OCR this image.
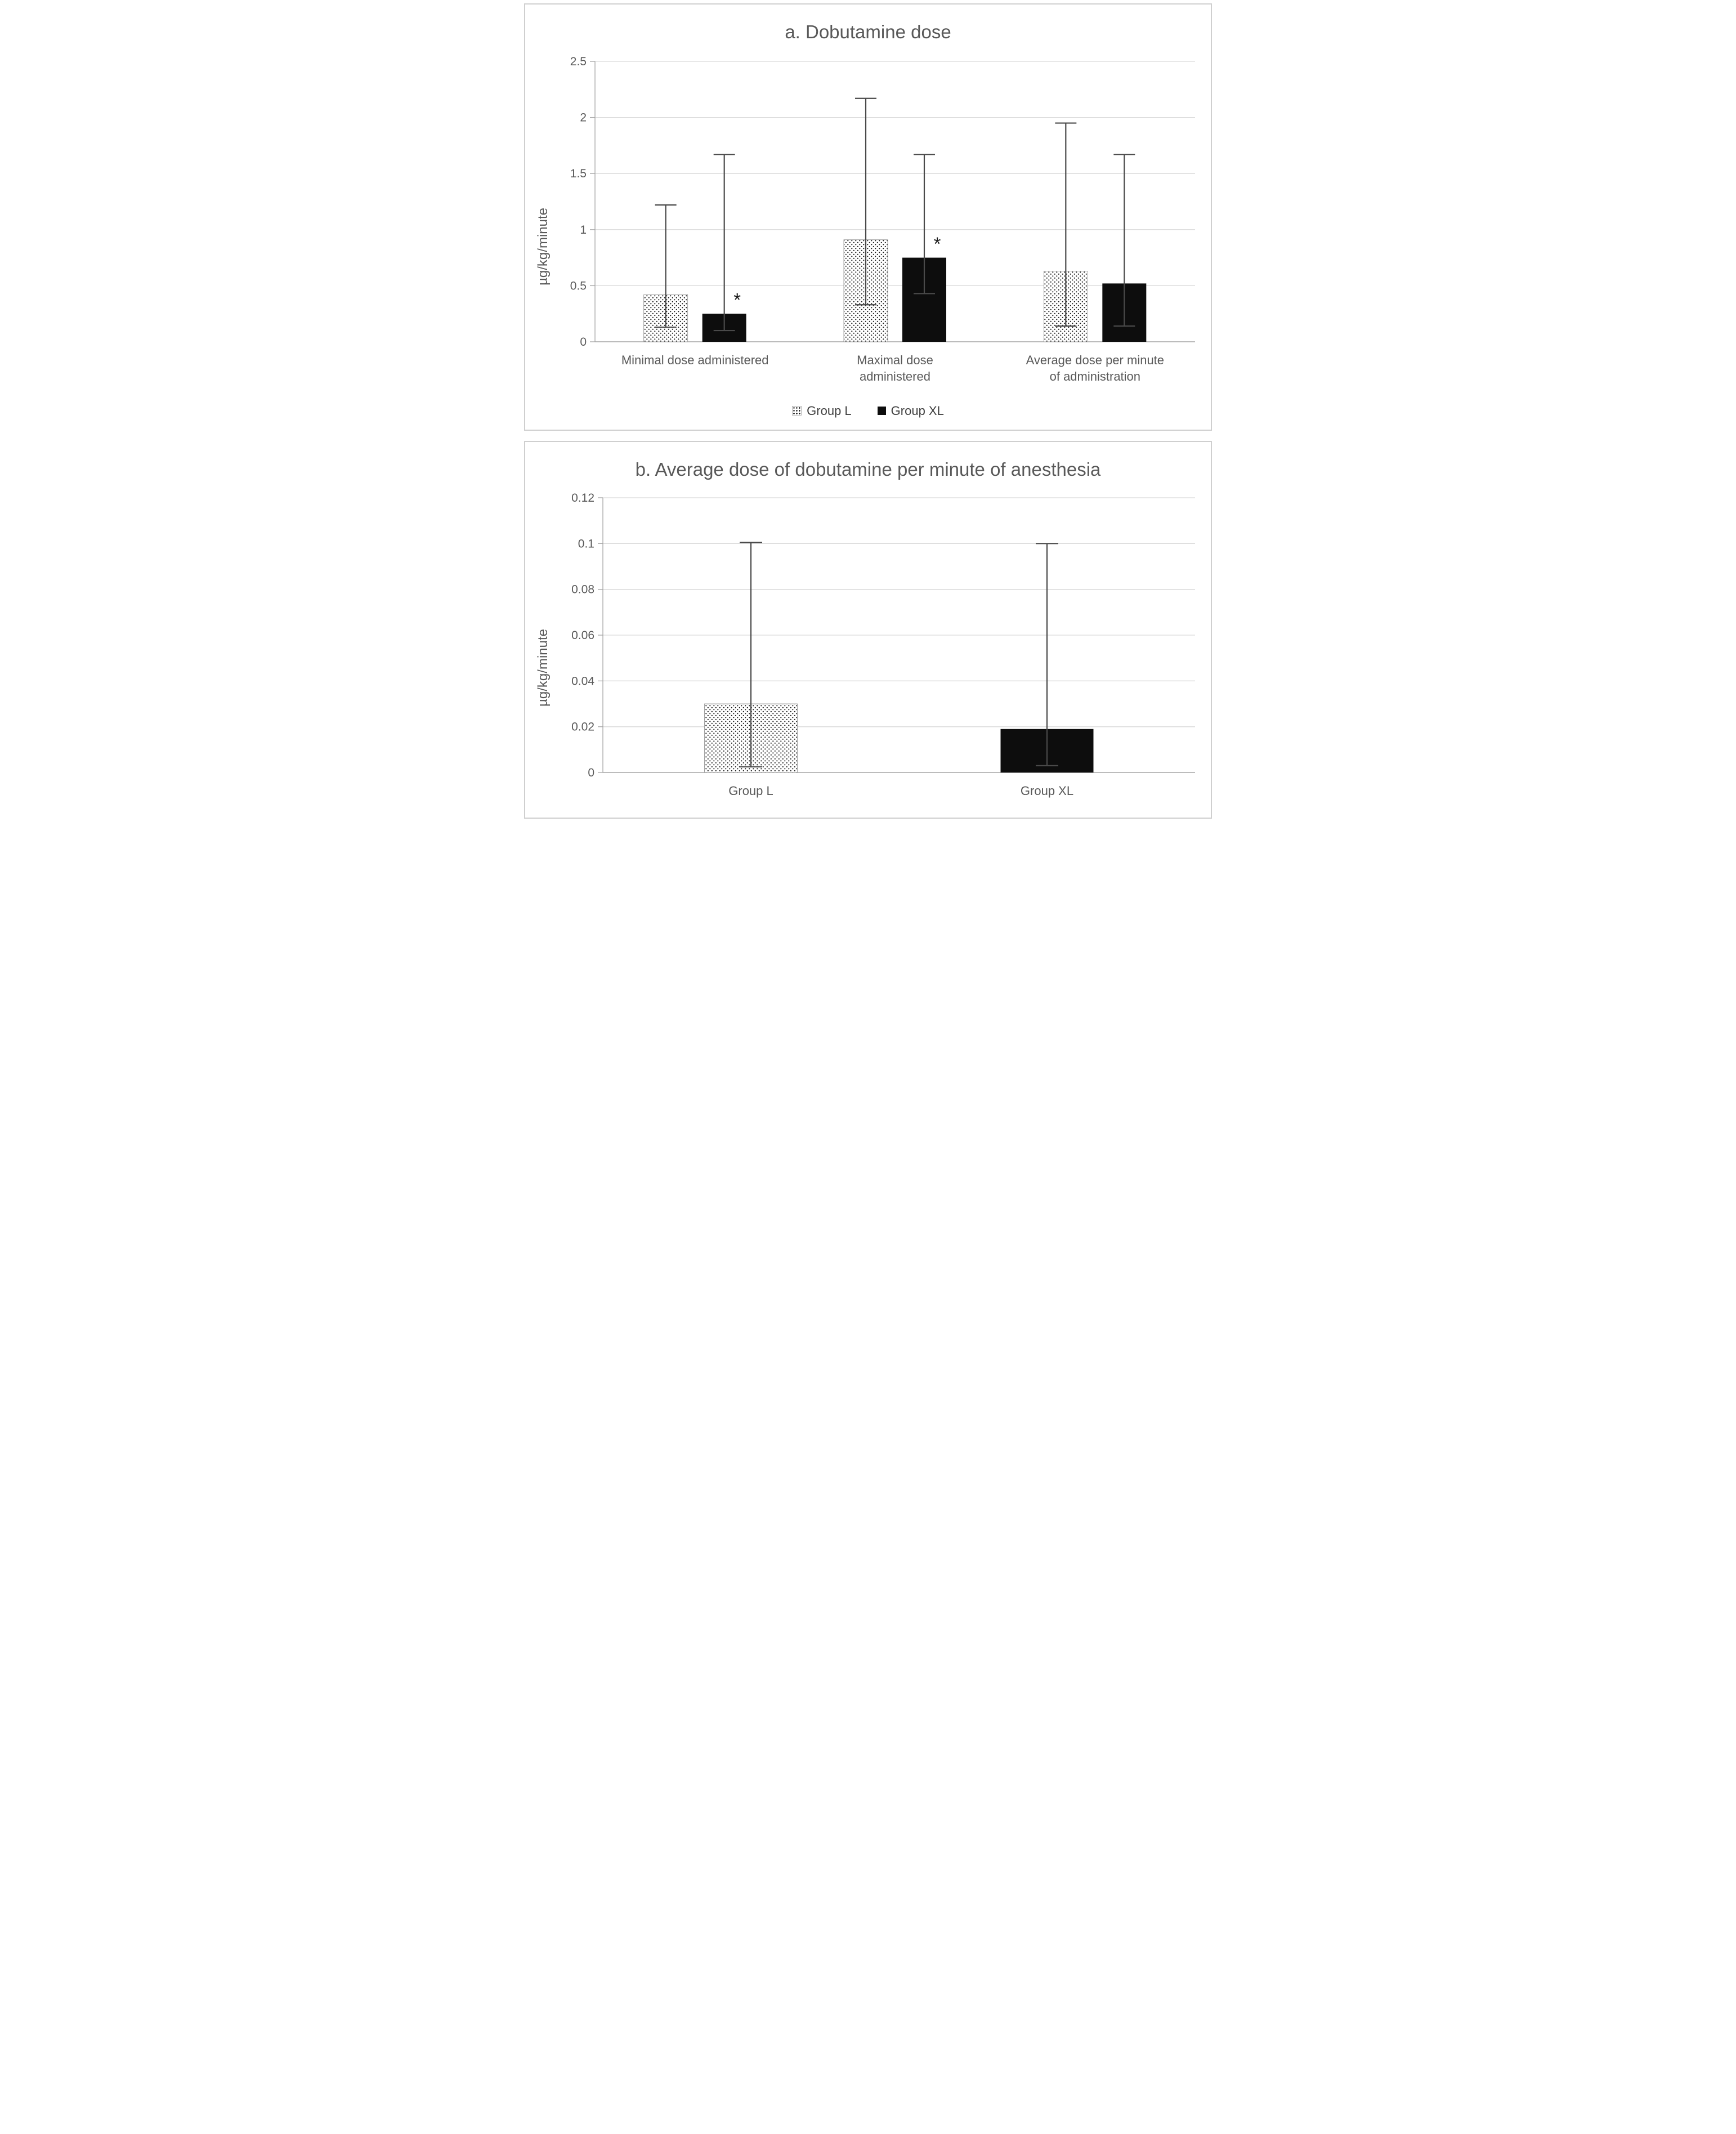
a. Dobutamine dose
µg/kg/minute
0
0.5
1
1.5
2
2.5
*
*
Minimal dose administered	Maximal dose
administered
Average dose per minute
of administration
Group L	Group XL
b. Average dose of dobutamine per minute of anesthesia
µg/kg/minute
0
0.02
0.04
0.06
0.08
0.1
0.12
Group L	Group XL
